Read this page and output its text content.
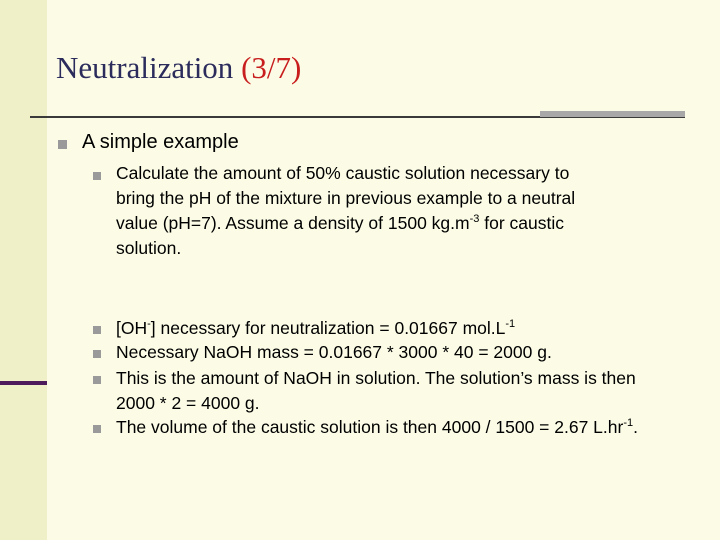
Neutralization (3/7)
A simple example
Calculate the amount of 50% caustic solution necessary to
bring the pH of the mixture in previous example to a neutral
value (pH=7). Assume a density of 1500 $kg.m^{-3}$ for caustic
solution.
[OH-] necessary for neutralization = 0.01667 $mol.L^{-1}$
Necessary NaOH mass = 0.01667 * 3000 * 40 = 2000 g.
This is the amount of NaOH in solution. The solution’s mass is then
2000 * 2 = 4000 g.
The volume of the caustic solution is then 4000 / 1500 = 2.67 $L.hr^{-1}$.
